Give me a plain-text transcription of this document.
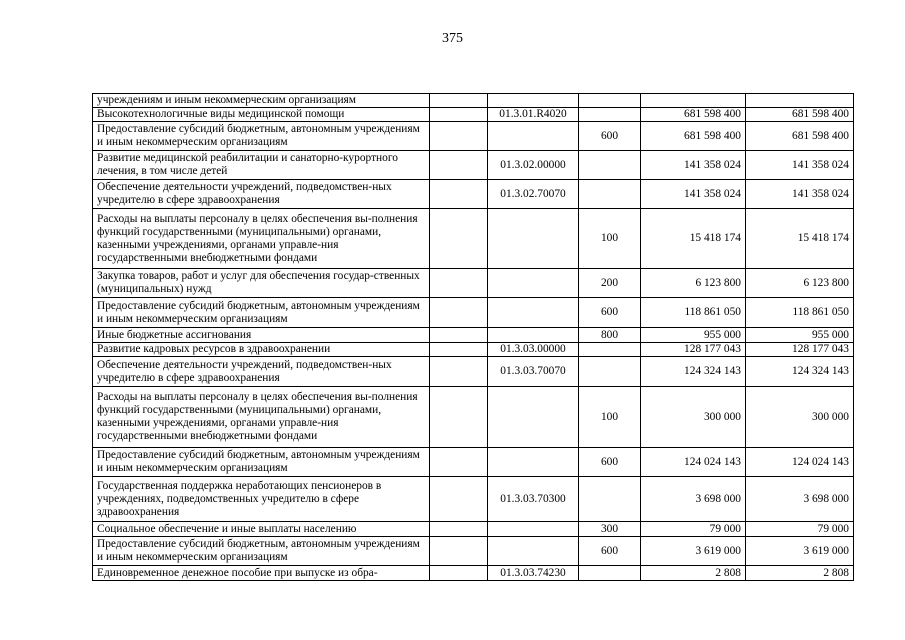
375
учреждениям и иным некоммерческим организациям					
Высокотехнологичные виды медицинской помощи		01.3.01.R4020		681 598 400	681 598 400
Предоставление субсидий бюджетным, автономным учреждениям и иным некоммерческим организациям			600	681 598 400	681 598 400
Развитие медицинской реабилитации и санаторно-курортного лечения, в том числе детей		01.3.02.00000		141 358 024	141 358 024
Обеспечение деятельности учреждений, подведомствен-ных учредителю в сфере здравоохранения		01.3.02.70070		141 358 024	141 358 024
Расходы на выплаты персоналу в целях обеспечения вы-полнения функций государственными (муниципальными) органами, казенными учреждениями, органами управле-ния государственными внебюджетными фондами			100	15 418 174	15 418 174
Закупка товаров, работ и услуг для обеспечения государ-ственных (муниципальных) нужд			200	6 123 800	6 123 800
Предоставление субсидий бюджетным, автономным учреждениям и иным некоммерческим организациям			600	118 861 050	118 861 050
Иные бюджетные ассигнования			800	955 000	955 000
Развитие кадровых ресурсов в здравоохранении		01.3.03.00000		128 177 043	128 177 043
Обеспечение деятельности учреждений, подведомствен-ных учредителю в сфере здравоохранения		01.3.03.70070		124 324 143	124 324 143
Расходы на выплаты персоналу в целях обеспечения вы-полнения функций государственными (муниципальными) органами, казенными учреждениями, органами управле-ния государственными внебюджетными фондами			100	300 000	300 000
Предоставление субсидий бюджетным, автономным учреждениям и иным некоммерческим организациям			600	124 024 143	124 024 143
Государственная поддержка неработающих пенсионеров в учреждениях, подведомственных учредителю в сфере здравоохранения		01.3.03.70300		3 698 000	3 698 000
Социальное обеспечение и иные выплаты населению			300	79 000	79 000
Предоставление субсидий бюджетным, автономным учреждениям и иным некоммерческим организациям			600	3 619 000	3 619 000
Единовременное денежное пособие при выпуске из обра-		01.3.03.74230		2 808	2 808
